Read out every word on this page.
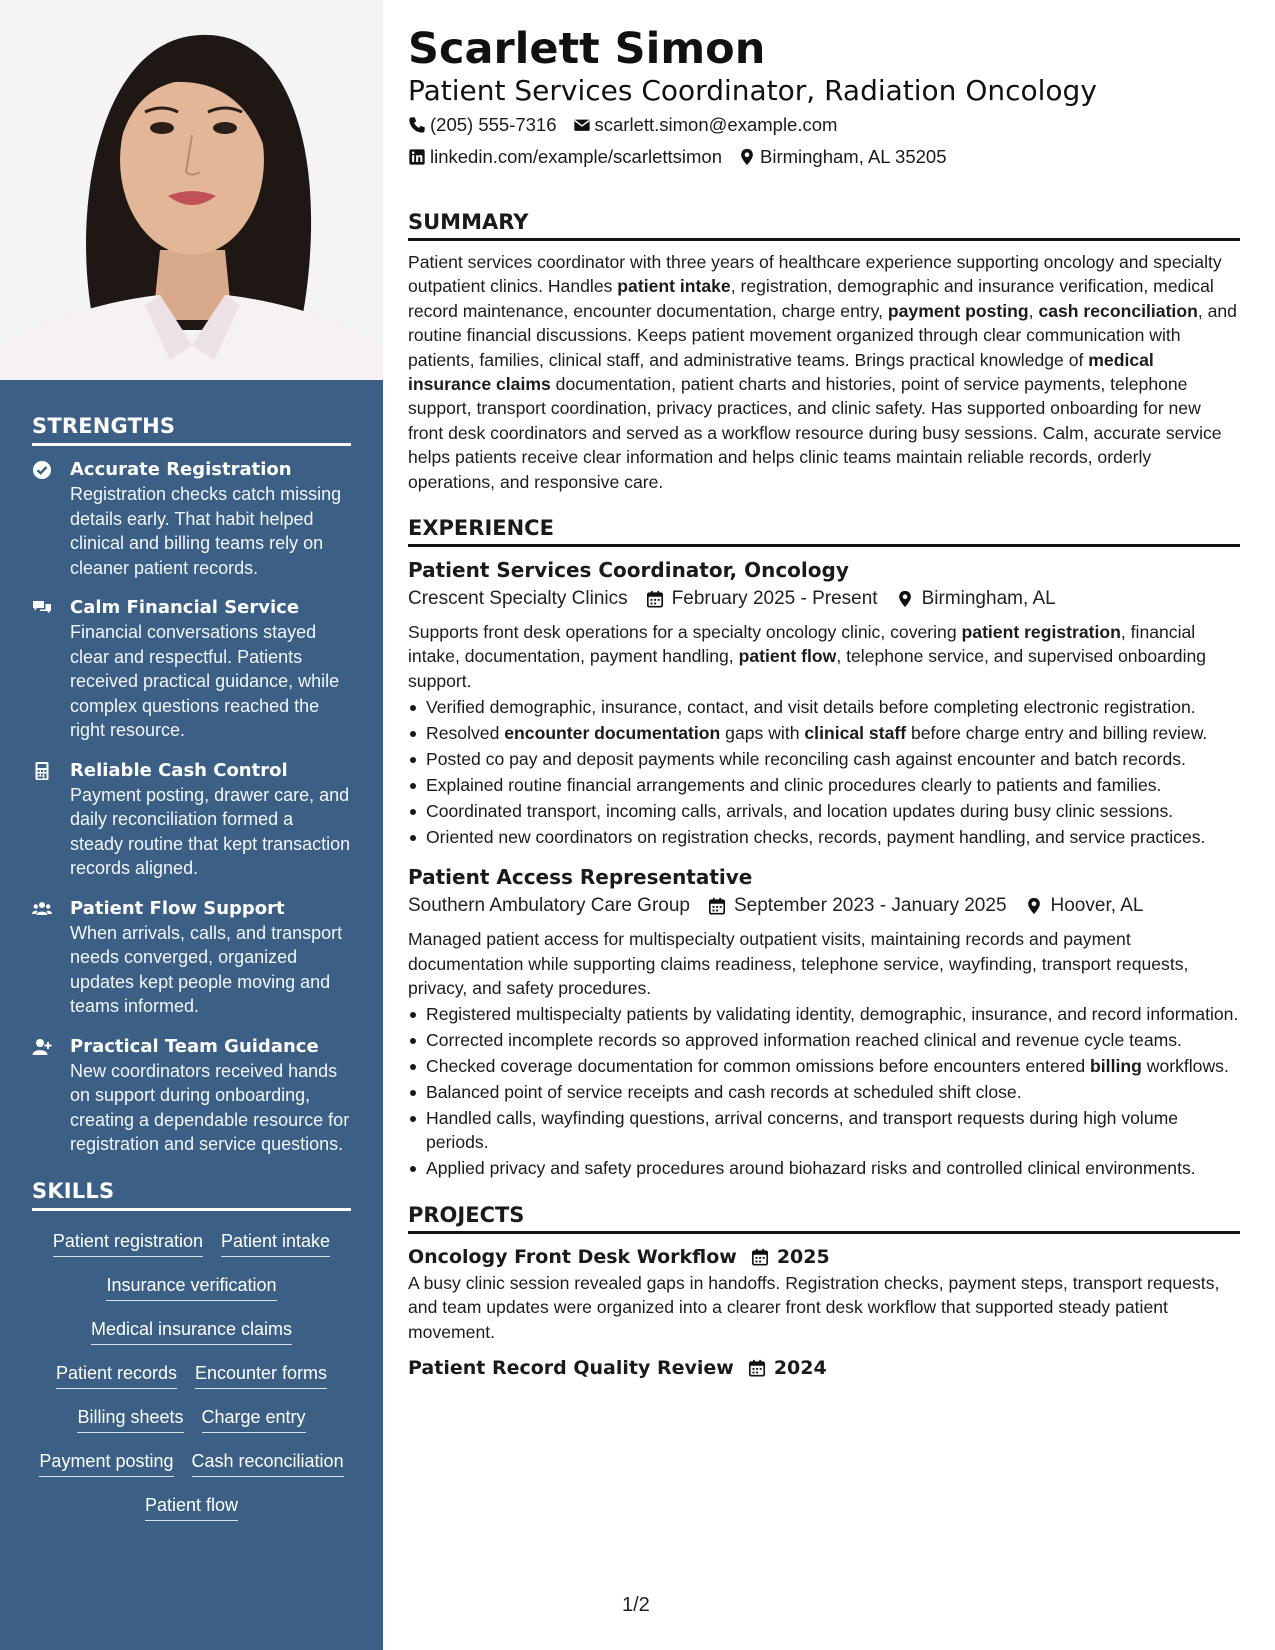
STRENGTHS
Accurate Registration
Registration checks catch missing details early. That habit helped clinical and billing teams rely on cleaner patient records.
Calm Financial Service
Financial conversations stayed clear and respectful. Patients received practical guidance, while complex questions reached the right resource.
Reliable Cash Control
Payment posting, drawer care, and daily reconciliation formed a steady routine that kept transaction records aligned.
Patient Flow Support
When arrivals, calls, and transport needs converged, organized updates kept people moving and teams informed.
Practical Team Guidance
New coordinators received hands on support during onboarding, creating a dependable resource for registration and service questions.
SKILLS
Patient registration Patient intake
Insurance verification
Medical insurance claims
Patient records Encounter forms
Billing sheets Charge entry
Payment posting Cash reconciliation
Patient flow
Scarlett Simon
Patient Services Coordinator, Radiation Oncology
(205) 555-7316 scarlett.simon@example.com
linkedin.com/example/scarlettsimon Birmingham, AL 35205
SUMMARY

Patient services coordinator with three years of healthcare experience supporting oncology and specialty outpatient clinics. Handles patient intake, registration, demographic and insurance verification, medical record maintenance, encounter documentation, charge entry, payment posting, cash reconciliation, and routine financial discussions. Keeps patient movement organized through clear communication with patients, families, clinical staff, and administrative teams. Brings practical knowledge of medical insurance claims documentation, patient charts and histories, point of service payments, telephone support, transport coordination, privacy practices, and clinic safety. Has supported onboarding for new front desk coordinators and served as a workflow resource during busy sessions. Calm, accurate service helps patients receive clear information and helps clinic teams maintain reliable records, orderly operations, and responsive care.

EXPERIENCE
Patient Services Coordinator, Oncology
Crescent Specialty Clinics February 2025 - Present Birmingham, AL

Supports front desk operations for a specialty oncology clinic, covering patient registration, financial intake, documentation, payment handling, patient flow, telephone service, and supervised onboarding support.

Verified demographic, insurance, contact, and visit details before completing electronic registration.
Resolved encounter documentation gaps with clinical staff before charge entry and billing review.
Posted co pay and deposit payments while reconciling cash against encounter and batch records.
Explained routine financial arrangements and clinic procedures clearly to patients and families.
Coordinated transport, incoming calls, arrivals, and location updates during busy clinic sessions.
Oriented new coordinators on registration checks, records, payment handling, and service practices.
Patient Access Representative
Southern Ambulatory Care Group September 2023 - January 2025 Hoover, AL

Managed patient access for multispecialty outpatient visits, maintaining records and payment documentation while supporting claims readiness, telephone service, wayfinding, transport requests, privacy, and safety procedures.

Registered multispecialty patients by validating identity, demographic, insurance, and record information.
Corrected incomplete records so approved information reached clinical and revenue cycle teams.
Checked coverage documentation for common omissions before encounters entered billing workflows.
Balanced point of service receipts and cash records at scheduled shift close.
Handled calls, wayfinding questions, arrival concerns, and transport requests during high volume periods.
Applied privacy and safety procedures around biohazard risks and controlled clinical environments.
PROJECTS
Oncology Front Desk Workflow 2025

A busy clinic session revealed gaps in handoffs. Registration checks, payment steps, transport requests, and team updates were organized into a clearer front desk workflow that supported steady patient movement.

Patient Record Quality Review 2024
1/2
